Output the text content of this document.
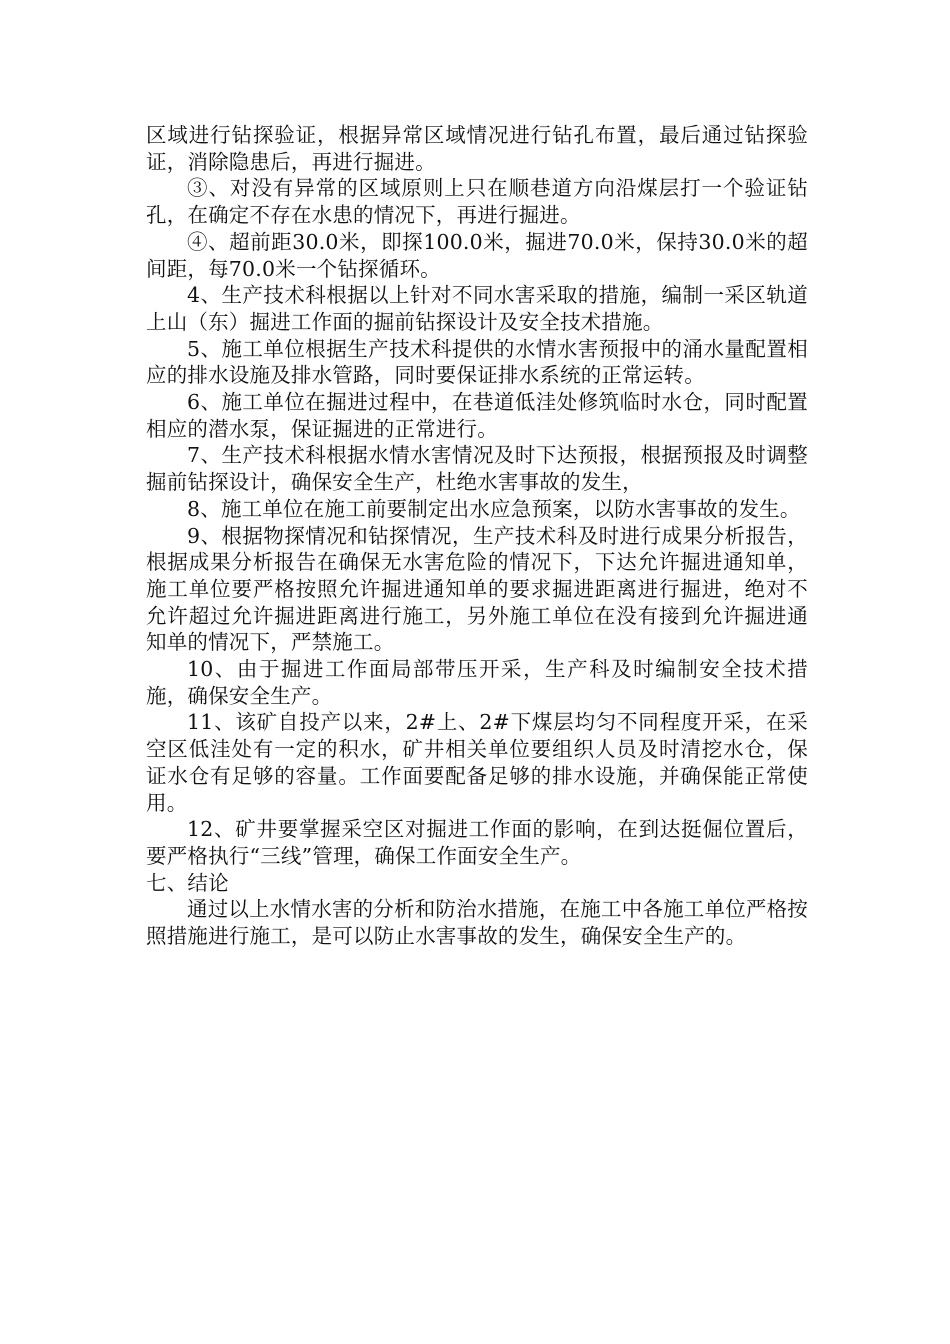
区域进行钻探验证，根据异常区域情况进行钻孔布置，最后通过钻探验证，消除隐患后，再进行掘进。

③、对没有异常的区域原则上只在顺巷道方向沿煤层打一个验证钻孔，在确定不存在水患的情况下，再进行掘进。

④、超前距30.0米，即探100.0米，掘进70.0米，保持30.0米的超间距，每70.0米一个钻探循环。

4、生产技术科根据以上针对不同水害采取的措施，编制一采区轨道上山（东）掘进工作面的掘前钻探设计及安全技术措施。

5、施工单位根据生产技术科提供的水情水害预报中的涌水量配置相应的排水设施及排水管路，同时要保证排水系统的正常运转。

6、施工单位在掘进过程中，在巷道低洼处修筑临时水仓，同时配置相应的潜水泵，保证掘进的正常进行。

7、生产技术科根据水情水害情况及时下达预报，根据预报及时调整掘前钻探设计，确保安全生产，杜绝水害事故的发生，

8、施工单位在施工前要制定出水应急预案，以防水害事故的发生。

9、根据物探情况和钻探情况，生产技术科及时进行成果分析报告，根据成果分析报告在确保无水害危险的情况下，下达允许掘进通知单，施工单位要严格按照允许掘进通知单的要求掘进距离进行掘进，绝对不允许超过允许掘进距离进行施工，另外施工单位在没有接到允许掘进通知单的情况下，严禁施工。

10、由于掘进工作面局部带压开采，生产科及时编制安全技术措施，确保安全生产。

11、该矿自投产以来，2#上、2#下煤层均匀不同程度开采，在采空区低洼处有一定的积水，矿井相关单位要组织人员及时清挖水仓，保证水仓有足够的容量。工作面要配备足够的排水设施，并确保能正常使用。

12、矿井要掌握采空区对掘进工作面的影响，在到达挺倔位置后，要严格执行“三线”管理，确保工作面安全生产。

七、结论

通过以上水情水害的分析和防治水措施，在施工中各施工单位严格按照措施进行施工，是可以防止水害事故的发生，确保安全生产的。
